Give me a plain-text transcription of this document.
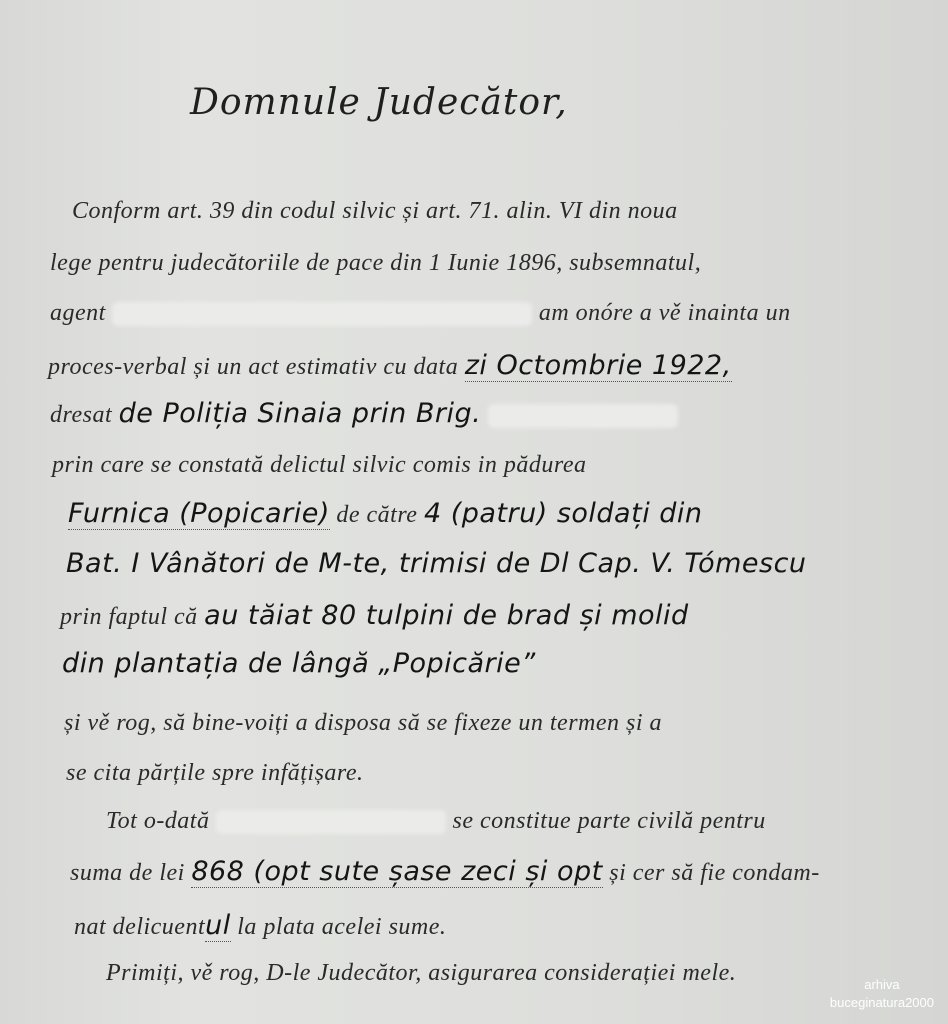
Domnule Judecător,
Conform art. 39 din codul silvic și art. 71. alin. VI din noua
lege pentru judecătoriile de pace din 1 Iunie 1896, subsemnatul,
agent	am onóre a vě inainta un
proces-verbal și un act estimativ cu data zi Octombrie 1922,
dresat de Poliția Sinaia prin Brig.
prin care se constată delictul silvic comis in pădurea
Furnica (Popicarie) de către 4 (patru) soldați din
Bat. I Vânători de M-te, trimisi de Dl Cap. V. Tómescu
prin faptul că au tăiat 80 tulpini de brad și molid
din plantația de lângă „Popicărie”
și vě rog, să bine-voiți a disposa să se fixeze un termen și a
se cita părțile spre infățișare.
Tot o-dată	se constitue parte civilă pentru
suma de lei 868 (opt sute șase zeci și opt și cer să fie condam-
nat delicuentul la plata acelei sume.
Primiți, vě rog, D-le Judecător, asigurarea considerației mele.	arhiva
buceginatura2000
